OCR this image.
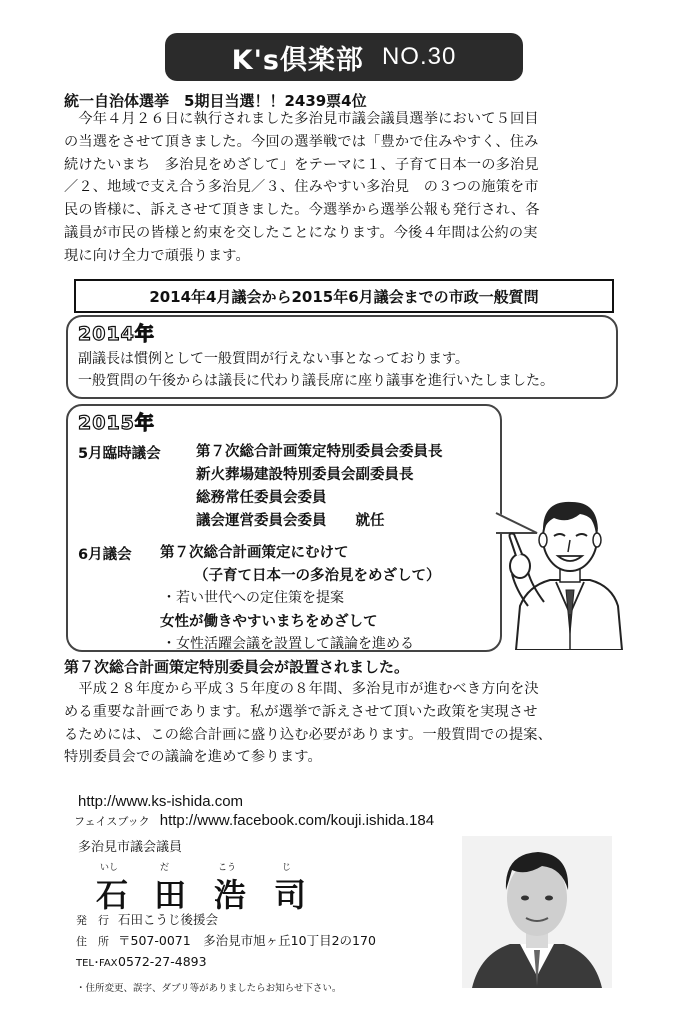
K's倶楽部 NO.30
統一自治体選挙　5期目当選！！2439票4位

　今年４月２６日に執行されました多治見市議会議員選挙において５回目

の当選をさせて頂きました。今回の選挙戦では「豊かで住みやすく、住み

続けたいまち　多治見をめざして」をテーマに１、子育て日本一の多治見

／２、地域で支え合う多治見／３、住みやすい多治見　の３つの施策を市

民の皆様に、訴えさせて頂きました。今選挙から選挙公報も発行され、各

議員が市民の皆様と約束を交したことになります。今後４年間は公約の実

現に向け全力で頑張ります。

2014年4月議会から2015年6月議会までの市政一般質問
2014年
副議長は慣例として一般質問が行えない事となっております。
一般質問の午後からは議長に代わり議長席に座り議事を進行いたしました。
2015年
5月臨時議会 第７次総合計画策定特別委員会委員長
新火葬場建設特別委員会副委員長
総務常任委員会委員
議会運営委員会委員　　就任
6月議会 第７次総合計画策定にむけて
（子育て日本一の多治見をめざして）
・若い世代への定住策を提案
女性が働きやすいまちをめざして
・女性活躍会議を設置して議論を進める
第７次総合計画策定特別委員会が設置されました。

　平成２８年度から平成３５年度の８年間、多治見市が進むべき方向を決

める重要な計画であります。私が選挙で訴えさせて頂いた政策を実現させ

るためには、この総合計画に盛り込む必要があります。一般質問での提案、

特別委員会での議論を進めて参ります。

http://www.ks-ishida.com
フェイスブック http://www.facebook.com/kouji.ishida.184
多治見市議会議員
いし	だ	こう	じ
石 田 浩 司
発　行 石田こうじ後援会
住　所 〒507-0071　多治見市旭ヶ丘10丁目2の170
TEL･FAX0572-27-4893
・住所変更、誤字、ダブリ等がありましたらお知らせ下さい。
